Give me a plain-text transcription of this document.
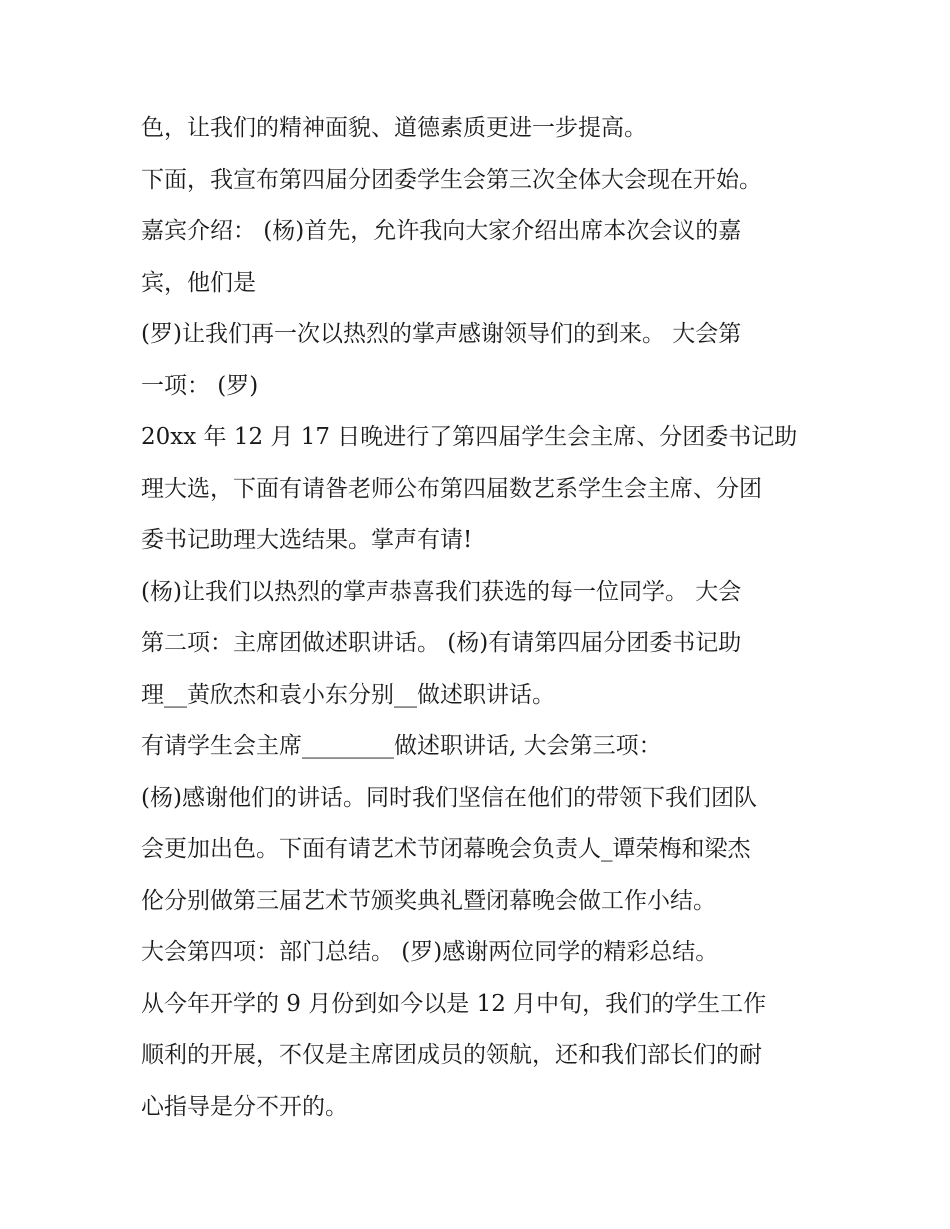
色，让我们的精神面貌、道德素质更进一步提高。
下面，我宣布第四届分团委学生会第三次全体大会现在开始。
嘉宾介绍： (杨)首先，允许我向大家介绍出席本次会议的嘉
宾，他们是
(罗)让我们再一次以热烈的掌声感谢领导们的到来。 大会第
一项： (罗)
20xx 年 12 月 17 日晚进行了第四届学生会主席、分团委书记助
理大选，下面有请昝老师公布第四届数艺系学生会主席、分团
委书记助理大选结果。掌声有请!
(杨)让我们以热烈的掌声恭喜我们获选的每一位同学。 大会
第二项：主席团做述职讲话。 (杨)有请第四届分团委书记助
理__黄欣杰和袁小东分别__做述职讲话。
有请学生会主席________做述职讲话, 大会第三项：
(杨)感谢他们的讲话。同时我们坚信在他们的带领下我们团队
会更加出色。下面有请艺术节闭幕晚会负责人_谭荣梅和梁杰
伦分别做第三届艺术节颁奖典礼暨闭幕晚会做工作小结。
大会第四项：部门总结。 (罗)感谢两位同学的精彩总结。
从今年开学的 9 月份到如今以是 12 月中旬，我们的学生工作
顺利的开展，不仅是主席团成员的领航，还和我们部长们的耐
心指导是分不开的。
